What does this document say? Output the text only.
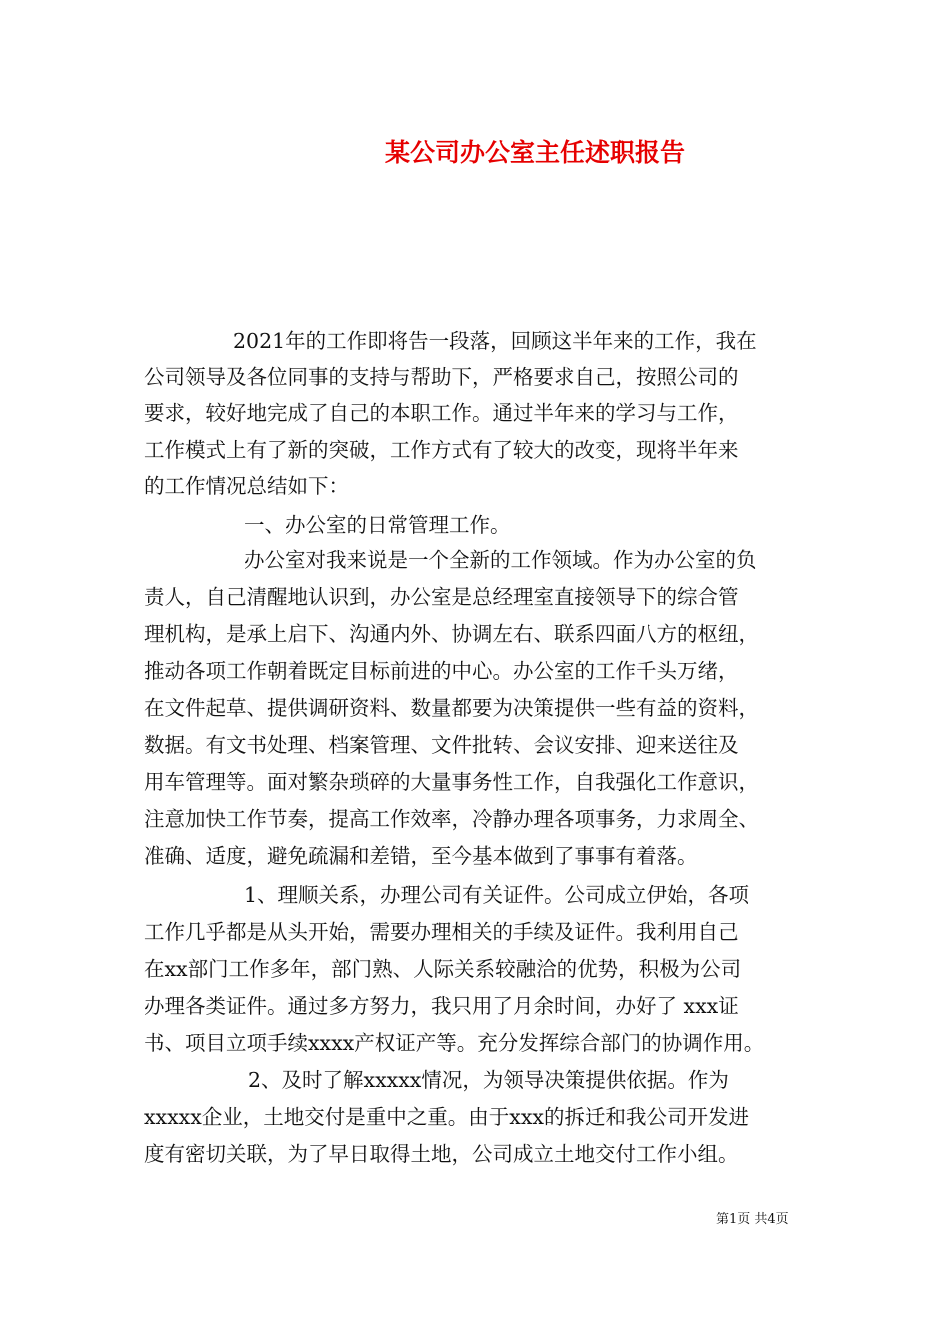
某公司办公室主任述职报告
2021年的工作即将告一段落，回顾这半年来的工作，我在
公司领导及各位同事的支持与帮助下，严格要求自己，按照公司的
要求，较好地完成了自己的本职工作。通过半年来的学习与工作，
工作模式上有了新的突破，工作方式有了较大的改变，现将半年来
的工作情况总结如下：
一、办公室的日常管理工作。
办公室对我来说是一个全新的工作领域。作为办公室的负
责人，自己清醒地认识到，办公室是总经理室直接领导下的综合管
理机构，是承上启下、沟通内外、协调左右、联系四面八方的枢纽，
推动各项工作朝着既定目标前进的中心。办公室的工作千头万绪，
在文件起草、提供调研资料、数量都要为决策提供一些有益的资料，
数据。有文书处理、档案管理、文件批转、会议安排、迎来送往及
用车管理等。面对繁杂琐碎的大量事务性工作，自我强化工作意识，
注意加快工作节奏，提高工作效率，冷静办理各项事务，力求周全、
准确、适度，避免疏漏和差错，至今基本做到了事事有着落。
1、理顺关系，办理公司有关证件。公司成立伊始，各项
工作几乎都是从头开始，需要办理相关的手续及证件。我利用自己
在xx部门工作多年，部门熟、人际关系较融洽的优势，积极为公司
办理各类证件。通过多方努力，我只用了月余时间，办好了 xxx证
书、项目立项手续xxxx产权证产等。充分发挥综合部门的协调作用。
2、及时了解xxxxx情况，为领导决策提供依据。作为
xxxxx企业，土地交付是重中之重。由于xxx的拆迁和我公司开发进
度有密切关联，为了早日取得土地，公司成立土地交付工作小组。
第1页 共4页
